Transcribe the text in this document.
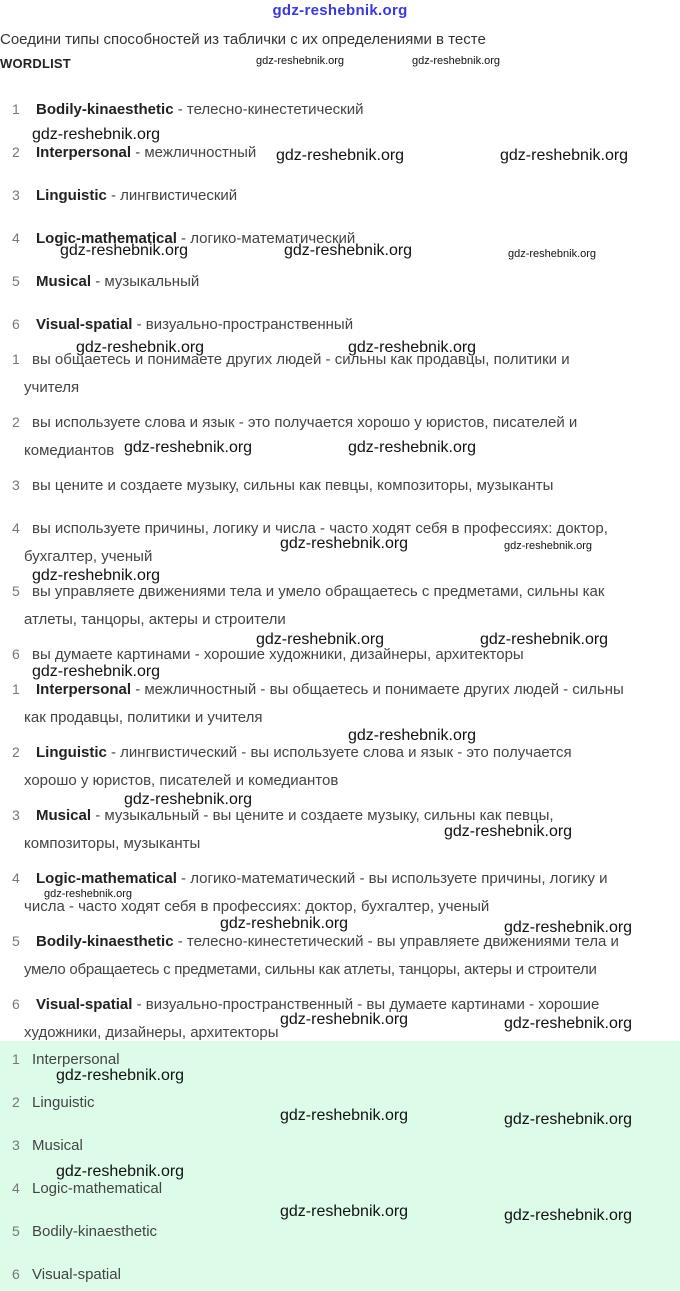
gdz-reshebnik.org
Соедини типы способностей из таблички с их определениями в тесте
WORDLIST
1 Bodily-kinaesthetic - телесно-кинестетический
2 Interpersonal - межличностный
3 Linguistic - лингвистический
4 Logic-mathematical - логико-математический
5 Musical - музыкальный
6 Visual-spatial - визуально-пространственный
1 вы общаетесь и понимаете других людей - сильны как продавцы, политики и
учителя
2 вы используете слова и язык - это получается хорошо у юристов, писателей и
комедиантов
3 вы цените и создаете музыку, сильны как певцы, композиторы, музыканты
4 вы используете причины, логику и числа - часто ходят себя в профессиях: доктор,
бухгалтер, ученый
5 вы управляете движениями тела и умело обращаетесь с предметами, сильны как
атлеты, танцоры, актеры и строители
6 вы думаете картинами - хорошие художники, дизайнеры, архитекторы
1 Interpersonal - межличностный - вы общаетесь и понимаете других людей - сильны
как продавцы, политики и учителя
2 Linguistic - лингвистический - вы используете слова и язык - это получается
хорошо у юристов, писателей и комедиантов
3 Musical - музыкальный - вы цените и создаете музыку, сильны как певцы,
композиторы, музыканты
4 Logic-mathematical - логико-математический - вы используете причины, логику и
числа - часто ходят себя в профессиях: доктор, бухгалтер, ученый
5 Bodily-kinaesthetic - телесно-кинестетический - вы управляете движениями тела и
умело обращаетесь с предметами, сильны как атлеты, танцоры, актеры и строители
6 Visual-spatial - визуально-пространственный - вы думаете картинами - хорошие
художники, дизайнеры, архитекторы
1 Interpersonal
2 Linguistic
3 Musical
4 Logic-mathematical
5 Bodily-kinaesthetic
6 Visual-spatial
gdz-reshebnik.org	gdz-reshebnik.org
gdz-reshebnik.org
gdz-reshebnik.org	gdz-reshebnik.org
gdz-reshebnik.org	gdz-reshebnik.org	gdz-reshebnik.org
gdz-reshebnik.org	gdz-reshebnik.org
gdz-reshebnik.org	gdz-reshebnik.org
gdz-reshebnik.org	gdz-reshebnik.org
gdz-reshebnik.org
gdz-reshebnik.org	gdz-reshebnik.org
gdz-reshebnik.org
gdz-reshebnik.org
gdz-reshebnik.org
gdz-reshebnik.org
gdz-reshebnik.org
gdz-reshebnik.org	gdz-reshebnik.org
gdz-reshebnik.org	gdz-reshebnik.org
gdz-reshebnik.org
gdz-reshebnik.org	gdz-reshebnik.org
gdz-reshebnik.org
gdz-reshebnik.org	gdz-reshebnik.org
